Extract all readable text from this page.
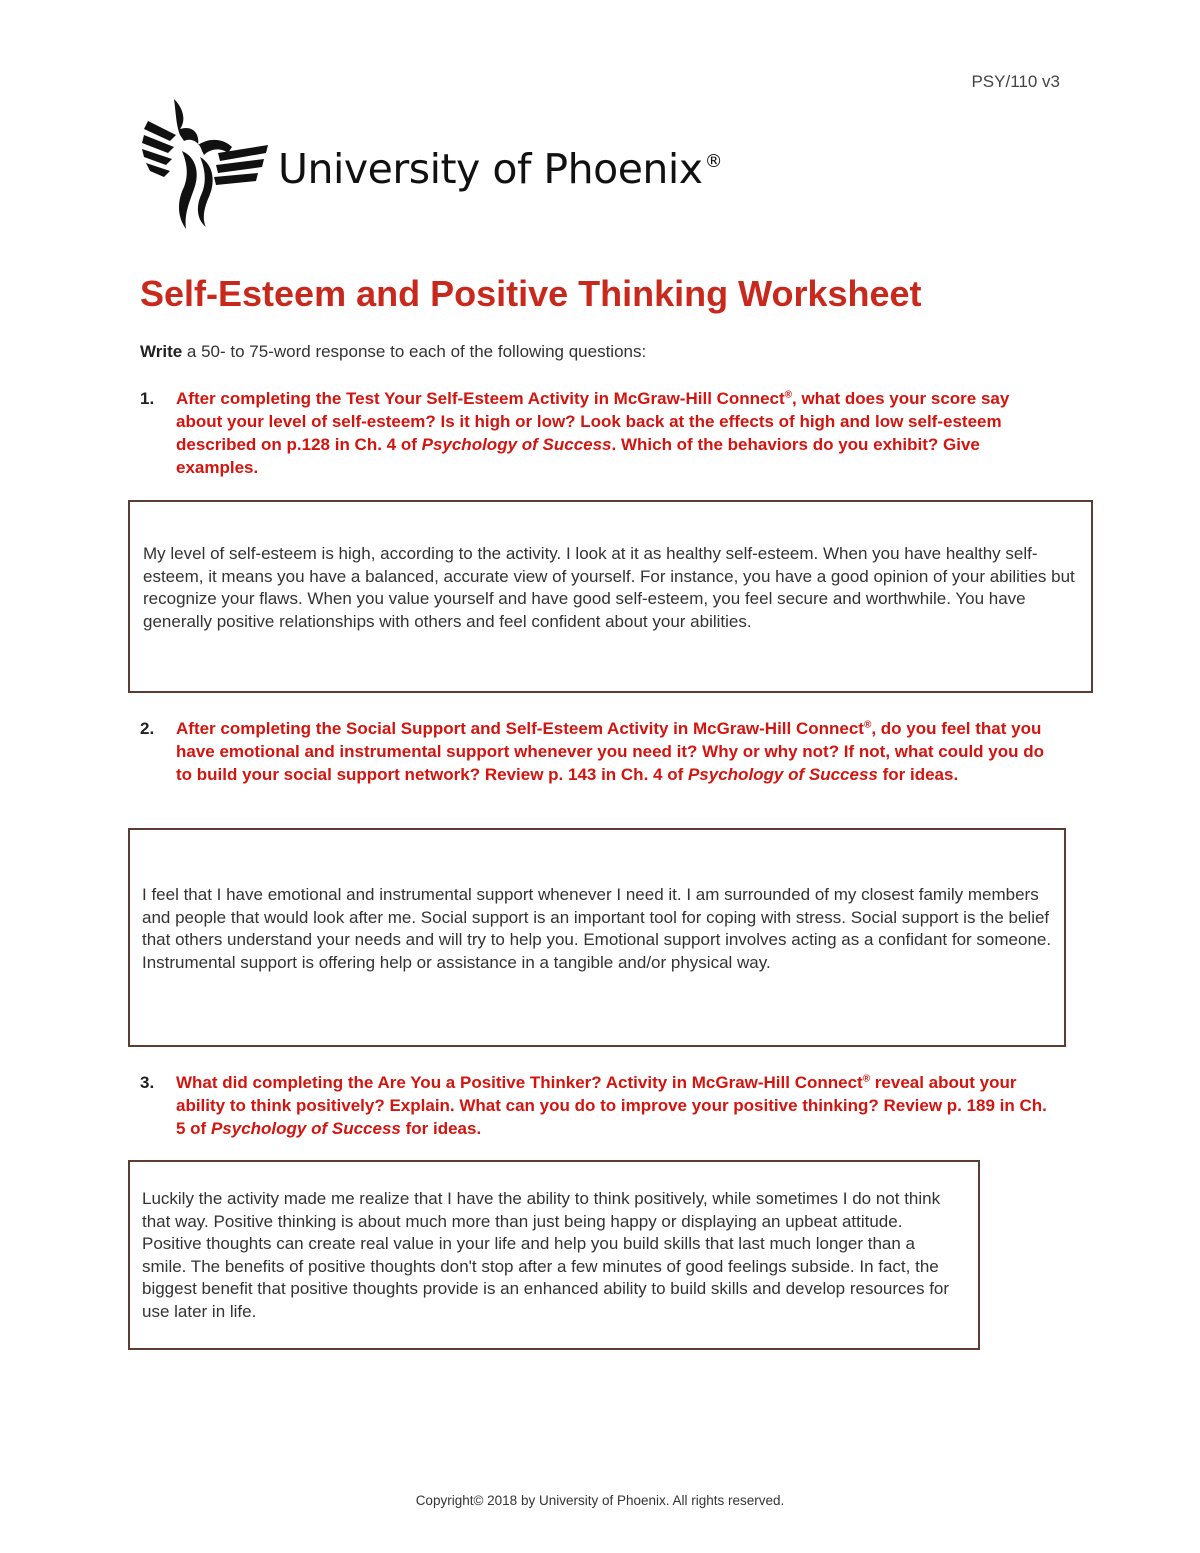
PSY/110 v3
University of Phoenix ®
Self-Esteem and Positive Thinking Worksheet
Write a 50- to 75-word response to each of the following questions:
1.	After completing the Test Your Self-Esteem Activity in McGraw-Hill Connect®, what does your score say about your level of self-esteem? Is it high or low? Look back at the effects of high and low self-esteem described on p.128 in Ch. 4 of Psychology of Success. Which of the behaviors do you exhibit? Give examples.

My level of self-esteem is high, according to the activity. I look at it as healthy self-esteem. When you have healthy self-esteem, it means you have a balanced, accurate view of yourself. For instance, you have a good opinion of your abilities but recognize your flaws. When you value yourself and have good self-esteem, you feel secure and worthwhile. You have generally positive relationships with others and feel confident about your abilities.

2.	After completing the Social Support and Self-Esteem Activity in McGraw-Hill Connect®, do you feel that you have emotional and instrumental support whenever you need it? Why or why not? If not, what could you do to build your social support network? Review p. 143 in Ch. 4 of Psychology of Success for ideas.

I feel that I have emotional and instrumental support whenever I need it. I am surrounded of my closest family members and people that would look after me. Social support is an important tool for coping with stress. Social support is the belief that others understand your needs and will try to help you. Emotional support involves acting as a confidant for someone. Instrumental support is offering help or assistance in a tangible and/or physical way.

3.	What did completing the Are You a Positive Thinker? Activity in McGraw-Hill Connect® reveal about your ability to think positively? Explain. What can you do to improve your positive thinking? Review p. 189 in Ch. 5 of Psychology of Success for ideas.

Luckily the activity made me realize that I have the ability to think positively, while sometimes I do not think that way. Positive thinking is about much more than just being happy or displaying an upbeat attitude. Positive thoughts can create real value in your life and help you build skills that last much longer than a smile. The benefits of positive thoughts don't stop after a few minutes of good feelings subside. In fact, the biggest benefit that positive thoughts provide is an enhanced ability to build skills and develop resources for use later in life.

Copyright© 2018 by University of Phoenix. All rights reserved.
